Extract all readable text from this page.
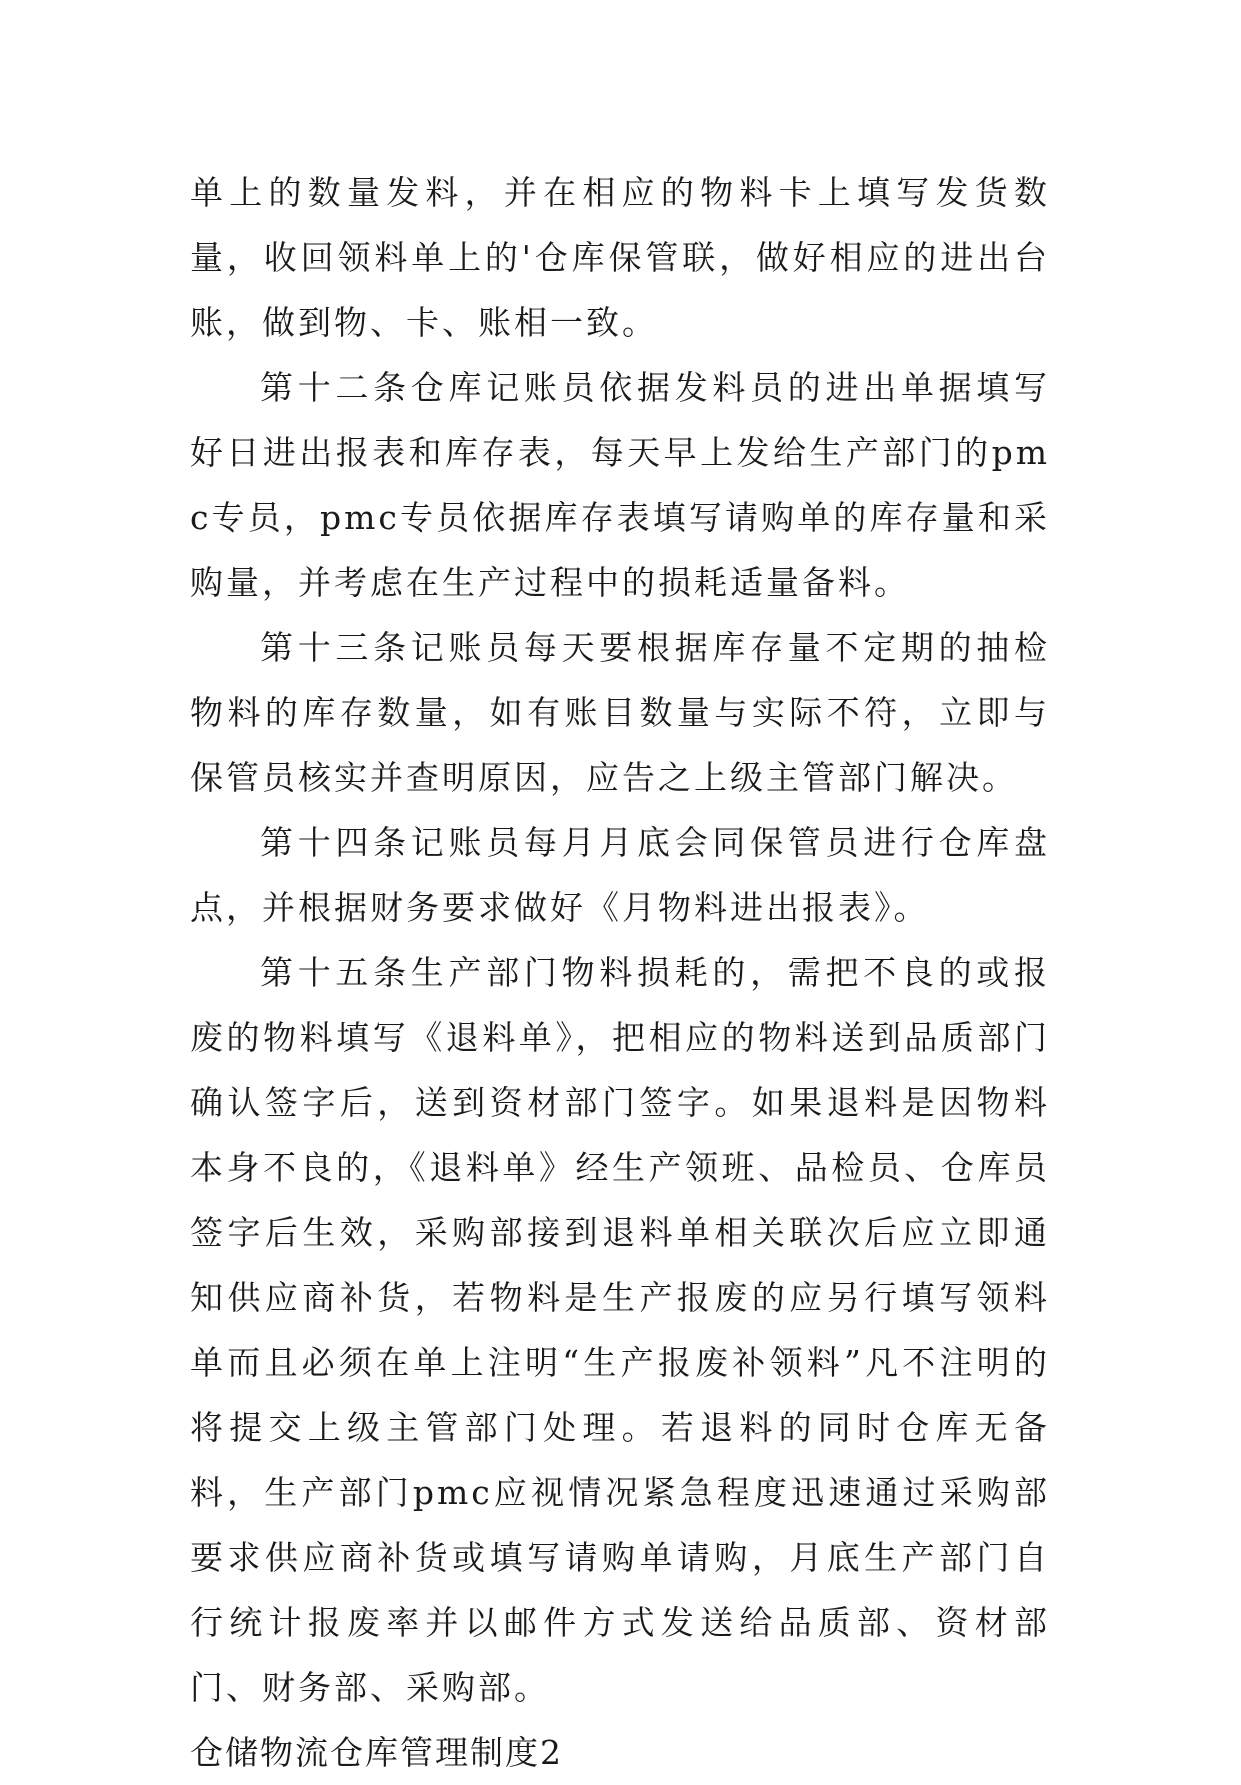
单上的数量发料，并在相应的物料卡上填写发货数量，收回领料单上的'仓库保管联，做好相应的进出台账，做到物、卡、账相一致。

第十二条仓库记账员依据发料员的进出单据填写好日进出报表和库存表，每天早上发给生产部门的pmc专员，pmc专员依据库存表填写请购单的库存量和采购量，并考虑在生产过程中的损耗适量备料。

第十三条记账员每天要根据库存量不定期的抽检物料的库存数量，如有账目数量与实际不符，立即与保管员核实并查明原因，应告之上级主管部门解决。

第十四条记账员每月月底会同保管员进行仓库盘点，并根据财务要求做好《月物料进出报表》。

第十五条生产部门物料损耗的，需把不良的或报废的物料填写《退料单》，把相应的物料送到品质部门确认签字后，送到资材部门签字。如果退料是因物料本身不良的，《退料单》经生产领班、品检员、仓库员签字后生效，采购部接到退料单相关联次后应立即通知供应商补货，若物料是生产报废的应另行填写领料单而且必须在单上注明“生产报废补领料”凡不注明的将提交上级主管部门处理。若退料的同时仓库无备料，生产部门pmc应视情况紧急程度迅速通过采购部要求供应商补货或填写请购单请购，月底生产部门自行统计报废率并以邮件方式发送给品质部、资材部门、财务部、采购部。

仓储物流仓库管理制度2
